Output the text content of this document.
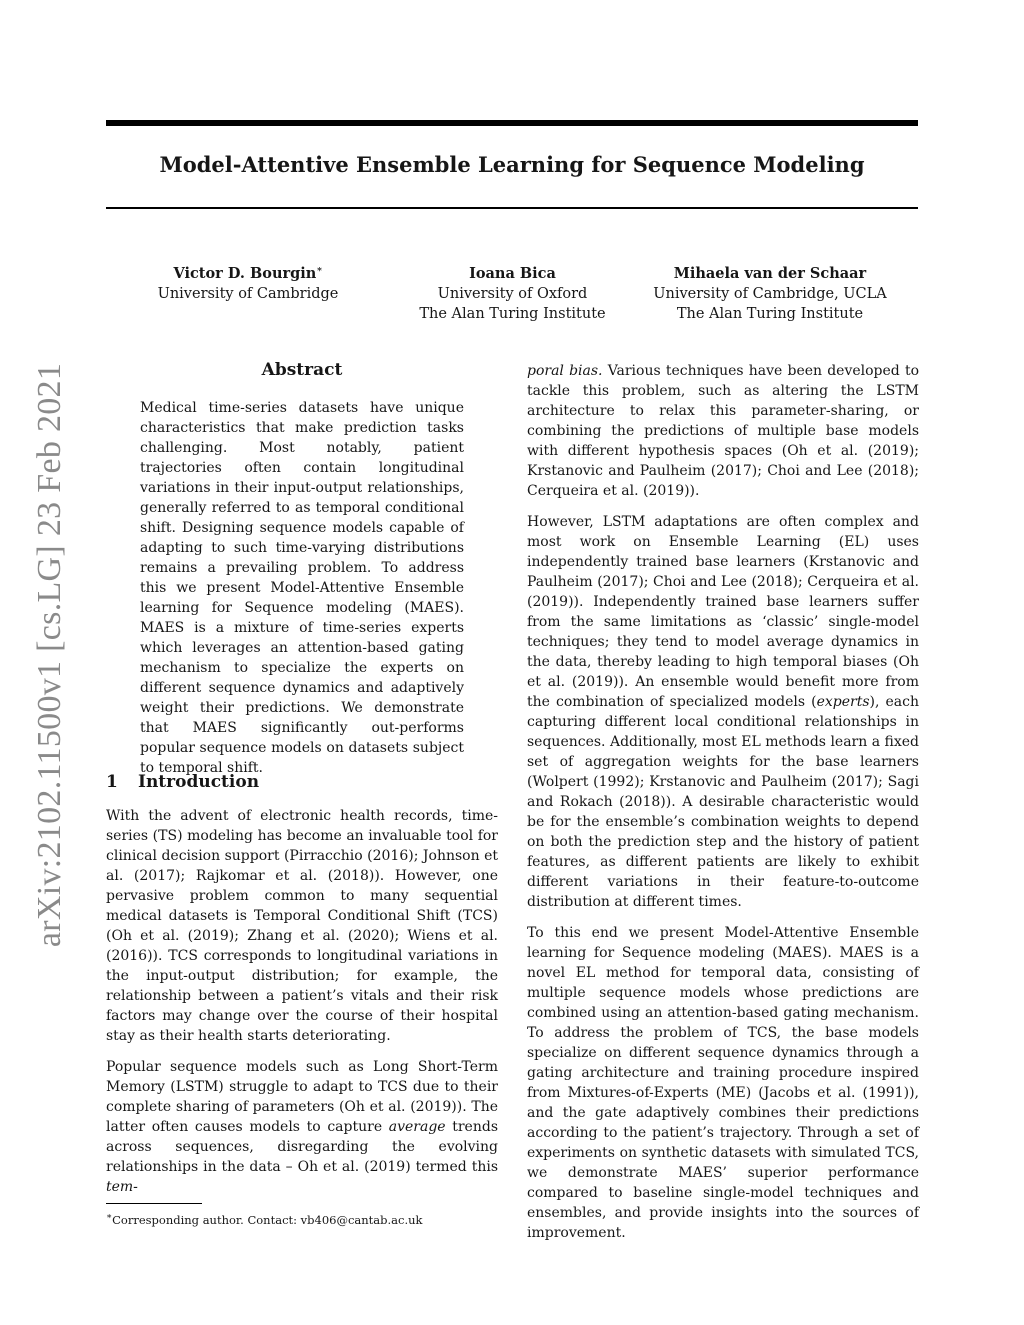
Model-Attentive Ensemble Learning for Sequence Modeling
Victor D. Bourgin∗
University of Cambridge
Ioana Bica
University of Oxford
The Alan Turing Institute
Mihaela van der Schaar
University of Cambridge, UCLA
The Alan Turing Institute
arXiv:2102.11500v1 [cs.LG] 23 Feb 2021	Abstract
Medical time-series datasets have unique characteristics that make prediction tasks challenging. Most notably, patient trajectories often contain longitudinal variations in their input-output relationships, generally referred to as temporal conditional shift. Designing sequence models capable of adapting to such time-varying distributions remains a prevailing problem. To address this we present Model-Attentive Ensemble learning for Sequence modeling (MAES). MAES is a mixture of time-series experts which leverages an attention-based gating mechanism to specialize the experts on different sequence dynamics and adaptively weight their predictions. We demonstrate that MAES significantly out-performs popular sequence models on datasets subject to temporal shift.
1 Introduction

With the advent of electronic health records, time-series (TS) modeling has become an invaluable tool for clinical decision support (Pirracchio (2016); Johnson et al. (2017); Rajkomar et al. (2018)). However, one pervasive problem common to many sequential medical datasets is Temporal Conditional Shift (TCS) (Oh et al. (2019); Zhang et al. (2020); Wiens et al. (2016)). TCS corresponds to longitudinal variations in the input-output distribution; for example, the relationship between a patient’s vitals and their risk factors may change over the course of their hospital stay as their health starts deteriorating.

Popular sequence models such as Long Short-Term Memory (LSTM) struggle to adapt to TCS due to their complete sharing of parameters (Oh et al. (2019)). The latter often causes models to capture average trends across sequences, disregarding the evolving relationships in the data – Oh et al. (2019) termed this tem-

poral bias. Various techniques have been developed to tackle this problem, such as altering the LSTM architecture to relax this parameter-sharing, or combining the predictions of multiple base models with different hypothesis spaces (Oh et al. (2019); Krstanovic and Paulheim (2017); Choi and Lee (2018); Cerqueira et al. (2019)).

However, LSTM adaptations are often complex and most work on Ensemble Learning (EL) uses independently trained base learners (Krstanovic and Paulheim (2017); Choi and Lee (2018); Cerqueira et al. (2019)). Independently trained base learners suffer from the same limitations as ‘classic’ single-model techniques; they tend to model average dynamics in the data, thereby leading to high temporal biases (Oh et al. (2019)). An ensemble would benefit more from the combination of specialized models (experts), each capturing different local conditional relationships in sequences. Additionally, most EL methods learn a fixed set of aggregation weights for the base learners (Wolpert (1992); Krstanovic and Paulheim (2017); Sagi and Rokach (2018)). A desirable characteristic would be for the ensemble’s combination weights to depend on both the prediction step and the history of patient features, as different patients are likely to exhibit different variations in their feature-to-outcome distribution at different times.

To this end we present Model-Attentive Ensemble learning for Sequence modeling (MAES). MAES is a novel EL method for temporal data, consisting of multiple sequence models whose predictions are combined using an attention-based gating mechanism. To address the problem of TCS, the base models specialize on different sequence dynamics through a gating architecture and training procedure inspired from Mixtures-of-Experts (ME) (Jacobs et al. (1991)), and the gate adaptively combines their predictions according to the patient’s trajectory. Through a set of experiments on synthetic datasets with simulated TCS, we demonstrate MAES’ superior performance compared to baseline single-model techniques and ensembles, and provide insights into the sources of improvement.

∗Corresponding author. Contact: vb406@cantab.ac.uk
